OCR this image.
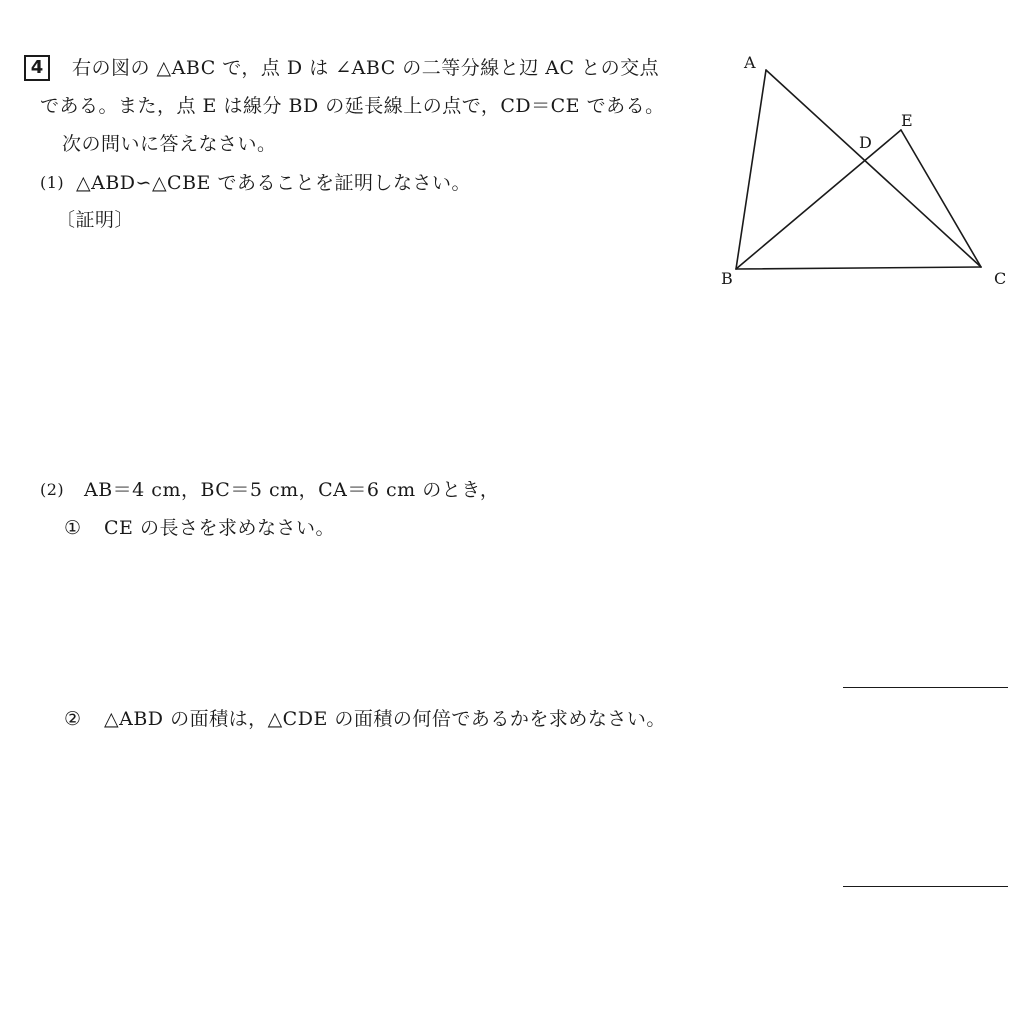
4	右の図の △ABC で，点 D は ∠ABC の二等分線と辺 AC との交点
である。また，点 E は線分 BD の延長線上の点で，CD＝CE である。
次の問いに答えなさい。
(1) △ABD∽△CBE であることを証明しなさい。
〔証明〕
(2) AB＝4 cm，BC＝5 cm，CA＝6 cm のとき，
① CE の長さを求めなさい。
② △ABD の面積は，△CDE の面積の何倍であるかを求めなさい。
A
B	C
D
E
